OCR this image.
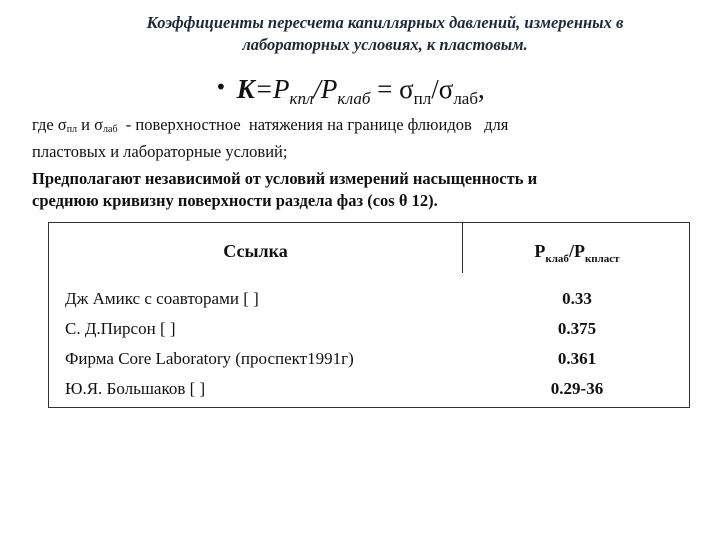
Коэффициенты пересчета капиллярных давлений, измеренных в
лабораторных условиях, к пластовым.
• $K=P_{кпл}/P_{клаб} = \sigma_{пл}/\sigma_{лаб}$,
где $\sigma_{пл}$ и $\sigma_{лаб}$  - поверхностное  натяжения на границе флюидов   для
пластовых и лабораторные условий;
Предполагают независимой от условий измерений насыщенность и
среднюю кривизну поверхности раздела фаз (cos θ 12).
Ссылка	$P_{клаб}/P_{кпласт}$
Дж Амикс с соавторами [ ]	0.33
С. Д.Пирсон [ ]	0.375
Фирма Core Laboratory (проспект1991г)	0.361
Ю.Я. Большаков [ ]	0.29-36
